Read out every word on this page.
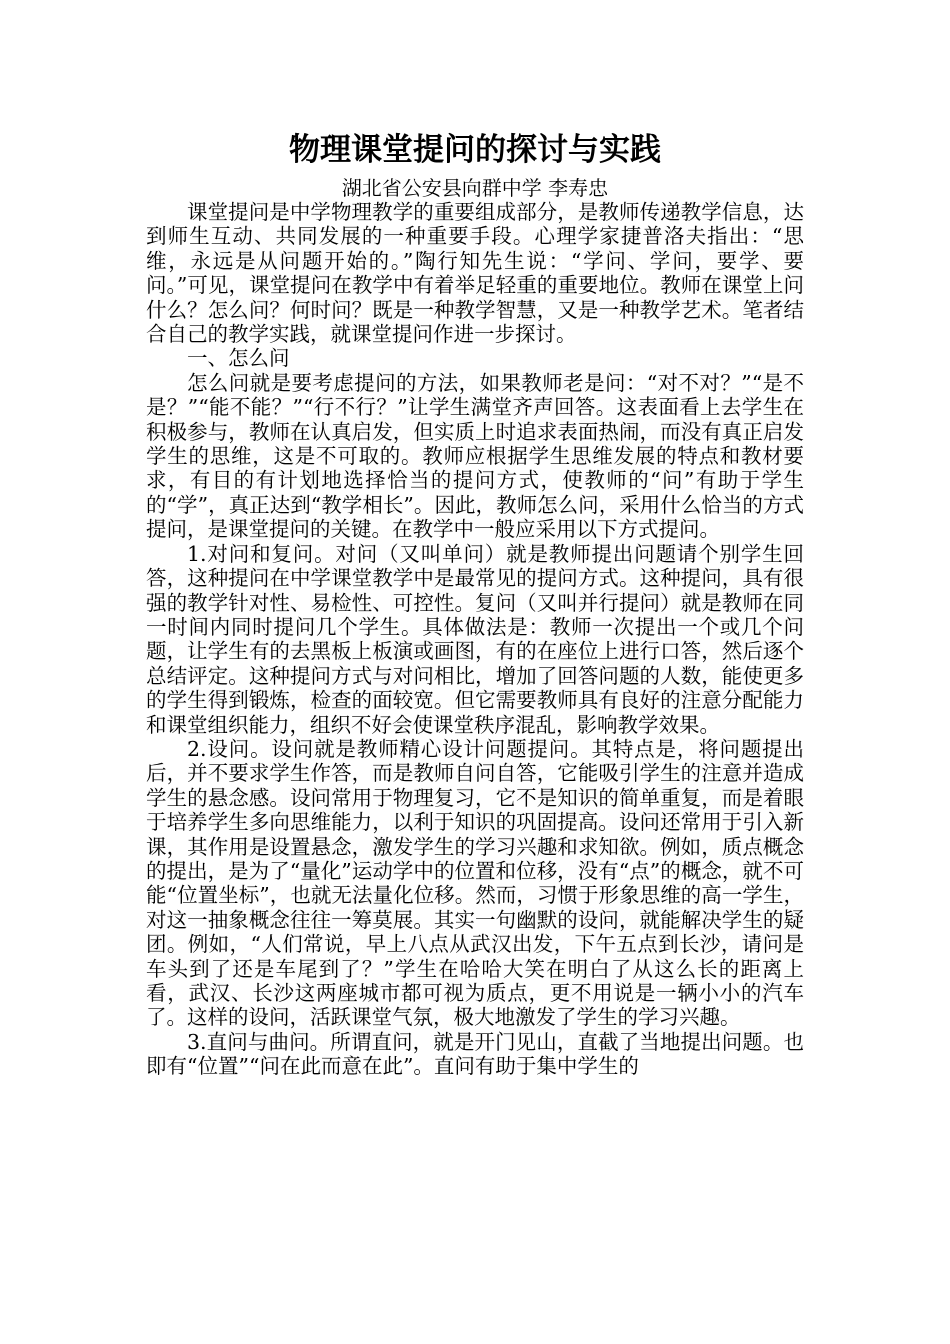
物理课堂提问的探讨与实践

湖北省公安县向群中学 李寿忠

课堂提问是中学物理教学的重要组成部分，是教师传递教学信息，达到师生互动、共同发展的一种重要手段。心理学家捷普洛夫指出：“思维，永远是从问题开始的。”陶行知先生说：“学问、学问，要学、要问。”可见，课堂提问在教学中有着举足轻重的重要地位。教师在课堂上问什么？怎么问？何时问？既是一种教学智慧，又是一种教学艺术。笔者结合自己的教学实践，就课堂提问作进一步探讨。

一、怎么问

怎么问就是要考虑提问的方法，如果教师老是问：“对不对？”“是不是？”“能不能？”“行不行？”让学生满堂齐声回答。这表面看上去学生在积极参与，教师在认真启发，但实质上时追求表面热闹，而没有真正启发学生的思维，这是不可取的。教师应根据学生思维发展的特点和教材要求，有目的有计划地选择恰当的提问方式，使教师的“问”有助于学生的“学”，真正达到“教学相长”。因此，教师怎么问，采用什么恰当的方式提问，是课堂提问的关键。在教学中一般应采用以下方式提问。

1.对问和复问。对问（又叫单问）就是教师提出问题请个别学生回答，这种提问在中学课堂教学中是最常见的提问方式。这种提问，具有很强的教学针对性、易检性、可控性。复问（又叫并行提问）就是教师在同一时间内同时提问几个学生。具体做法是：教师一次提出一个或几个问题，让学生有的去黑板上板演或画图，有的在座位上进行口答，然后逐个总结评定。这种提问方式与对问相比，增加了回答问题的人数，能使更多的学生得到锻炼，检查的面较宽。但它需要教师具有良好的注意分配能力和课堂组织能力，组织不好会使课堂秩序混乱，影响教学效果。

2.设问。设问就是教师精心设计问题提问。其特点是，将问题提出后，并不要求学生作答，而是教师自问自答，它能吸引学生的注意并造成学生的悬念感。设问常用于物理复习，它不是知识的简单重复，而是着眼于培养学生多向思维能力，以利于知识的巩固提高。设问还常用于引入新课，其作用是设置悬念，激发学生的学习兴趣和求知欲。例如，质点概念的提出，是为了“量化”运动学中的位置和位移，没有“点”的概念，就不可能“位置坐标”，也就无法量化位移。然而，习惯于形象思维的高一学生，对这一抽象概念往往一筹莫展。其实一句幽默的设问，就能解决学生的疑团。例如，“人们常说，早上八点从武汉出发，下午五点到长沙，请问是车头到了还是车尾到了？”学生在哈哈大笑在明白了从这么长的距离上看，武汉、长沙这两座城市都可视为质点，更不用说是一辆小小的汽车了。这样的设问，活跃课堂气氛，极大地激发了学生的学习兴趣。

3.直问与曲问。所谓直问，就是开门见山，直截了当地提出问题。也即有“位置”“问在此而意在此”。直问有助于集中学生的
